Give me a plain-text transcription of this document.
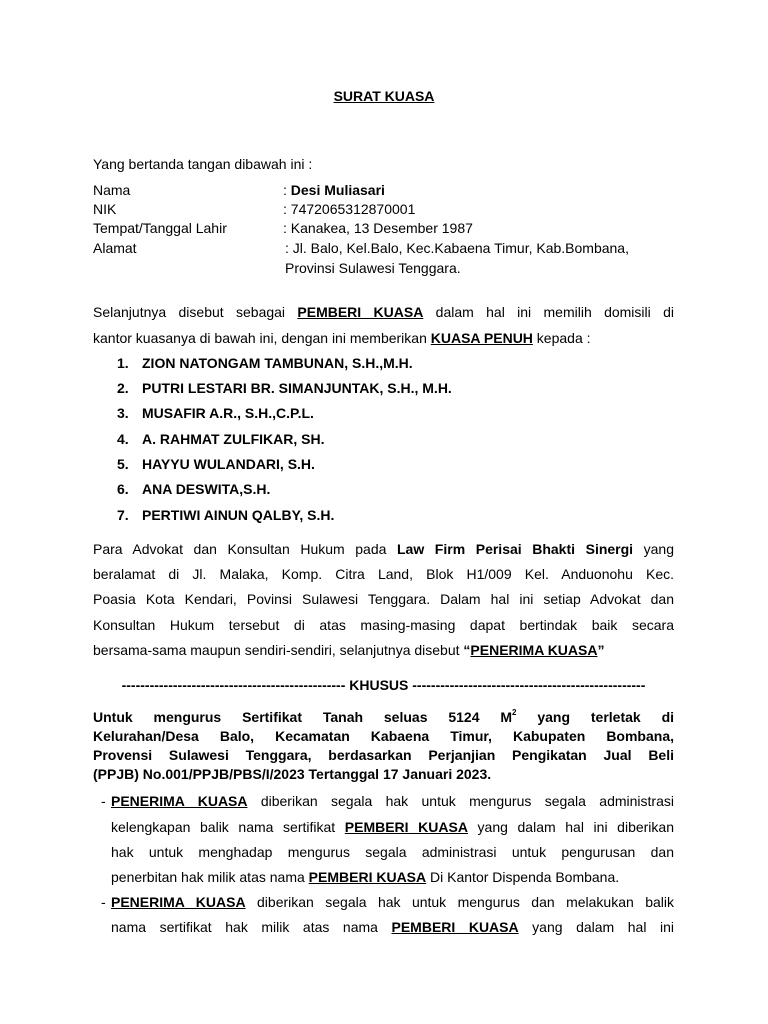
SURAT KUASA
Yang bertanda tangan dibawah ini :
Nama	: Desi Muliasari
NIK	: 7472065312870001
Tempat/Tanggal Lahir	: Kanakea, 13 Desember 1987
Alamat	: Jl. Balo, Kel.Balo, Kec.Kabaena Timur, Kab.Bombana,
Provinsi Sulawesi Tenggara.
Selanjutnya disebut sebagai PEMBERI KUASA dalam hal ini memilih domisili di
kantor kuasanya di bawah ini, dengan ini memberikan KUASA PENUH kepada :
1. ZION NATONGAM TAMBUNAN, S.H.,M.H.
2. PUTRI LESTARI BR. SIMANJUNTAK, S.H., M.H.
3. MUSAFIR A.R., S.H.,C.P.L.
4. A. RAHMAT ZULFIKAR, SH.
5. HAYYU WULANDARI, S.H.
6. ANA DESWITA,S.H.
7. PERTIWI AINUN QALBY, S.H.
Para Advokat dan Konsultan Hukum pada Law Firm Perisai Bhakti Sinergi yang
beralamat di Jl. Malaka, Komp. Citra Land, Blok H1/009 Kel. Anduonohu Kec.
Poasia Kota Kendari, Povinsi Sulawesi Tenggara. Dalam hal ini setiap Advokat dan
Konsultan Hukum tersebut di atas masing-masing dapat bertindak baik secara
bersama-sama maupun sendiri-sendiri, selanjutnya disebut “PENERIMA KUASA”
------------------------------------------------ KHUSUS --------------------------------------------------
Untuk mengurus Sertifikat Tanah seluas 5124 $M^2$ yang terletak di
Kelurahan/Desa Balo, Kecamatan Kabaena Timur, Kabupaten Bombana,
Provensi Sulawesi Tenggara, berdasarkan Perjanjian Pengikatan Jual Beli
(PPJB) No.001/PPJB/PBS/I/2023 Tertanggal 17 Januari 2023.
- PENERIMA KUASA diberikan segala hak untuk mengurus segala administrasi
kelengkapan balik nama sertifikat PEMBERI KUASA yang dalam hal ini diberikan
hak untuk menghadap mengurus segala administrasi untuk pengurusan dan
penerbitan hak milik atas nama PEMBERI KUASA Di Kantor Dispenda Bombana.
- PENERIMA KUASA diberikan segala hak untuk mengurus dan melakukan balik
nama sertifikat hak milik atas nama PEMBERI KUASA yang dalam hal ini
